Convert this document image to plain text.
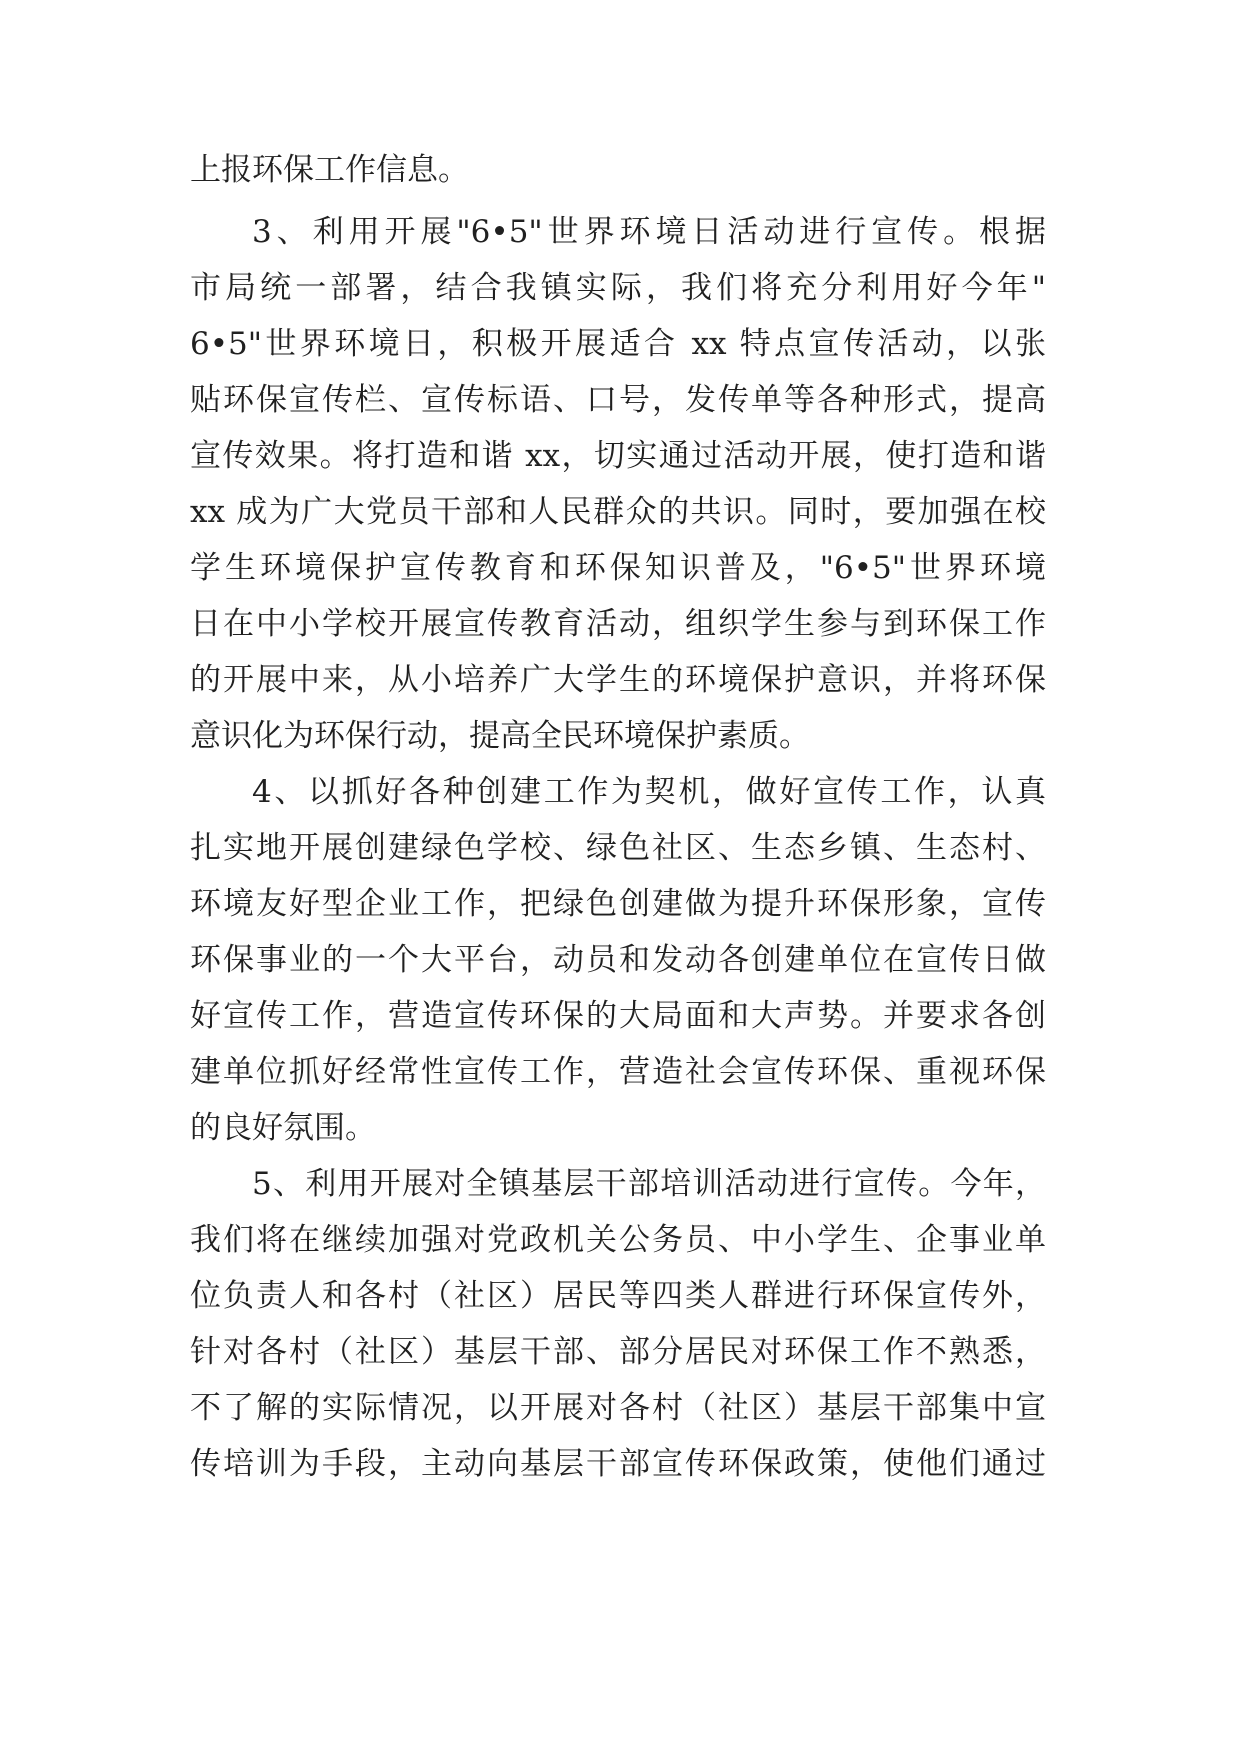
上报环保工作信息。

3、利用开展"6•5"世界环境日活动进行宣传。根据

市局统一部署，结合我镇实际，我们将充分利用好今年"

6•5"世界环境日，积极开展适合 xx 特点宣传活动，以张

贴环保宣传栏、宣传标语、口号，发传单等各种形式，提高

宣传效果。将打造和谐 xx，切实通过活动开展，使打造和谐

xx 成为广大党员干部和人民群众的共识。同时，要加强在校

学生环境保护宣传教育和环保知识普及，"6•5"世界环境

日在中小学校开展宣传教育活动，组织学生参与到环保工作

的开展中来，从小培养广大学生的环境保护意识，并将环保

意识化为环保行动，提高全民环境保护素质。

4、以抓好各种创建工作为契机，做好宣传工作，认真

扎实地开展创建绿色学校、绿色社区、生态乡镇、生态村、

环境友好型企业工作，把绿色创建做为提升环保形象，宣传

环保事业的一个大平台，动员和发动各创建单位在宣传日做

好宣传工作，营造宣传环保的大局面和大声势。并要求各创

建单位抓好经常性宣传工作，营造社会宣传环保、重视环保

的良好氛围。

5、利用开展对全镇基层干部培训活动进行宣传。今年，

我们将在继续加强对党政机关公务员、中小学生、企事业单

位负责人和各村（社区）居民等四类人群进行环保宣传外，

针对各村（社区）基层干部、部分居民对环保工作不熟悉，

不了解的实际情况，以开展对各村（社区）基层干部集中宣

传培训为手段，主动向基层干部宣传环保政策，使他们通过
